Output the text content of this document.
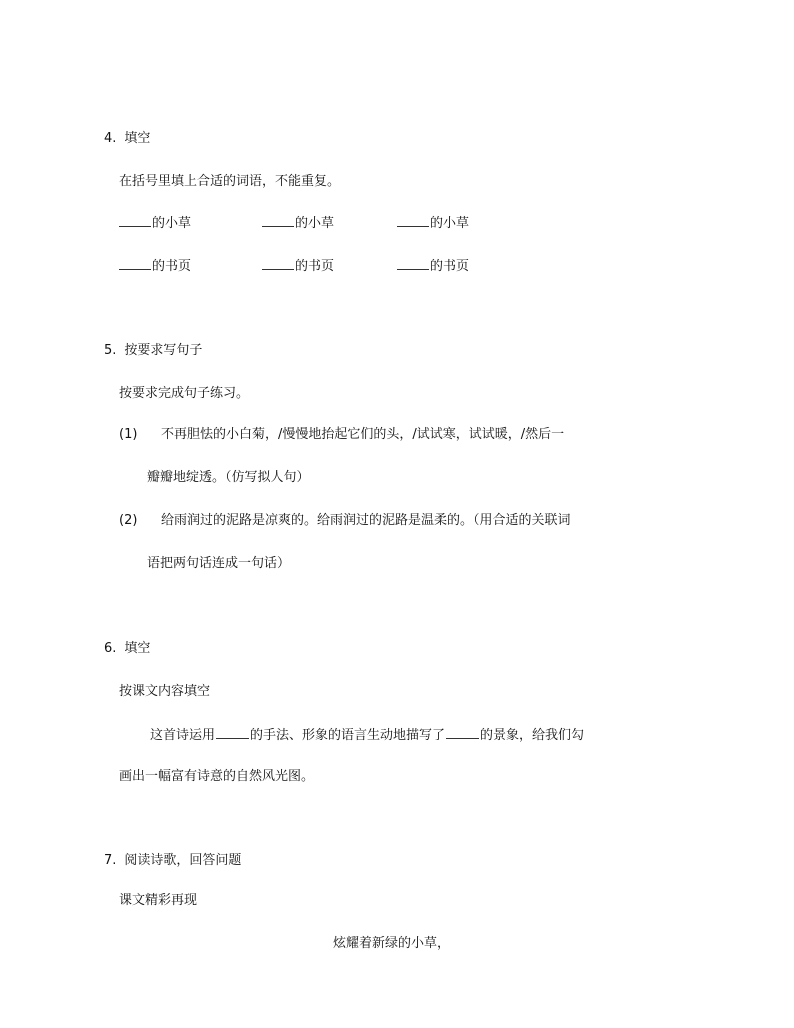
4. 填空
在括号里填上合适的词语，不能重复。
的小草	的小草	的小草
的书页	的书页	的书页
5. 按要求写句子
按要求完成句子练习。
(1) 不再胆怯的小白菊，/慢慢地抬起它们的头，/试试寒，试试暖，/然后一
瓣瓣地绽透。（仿写拟人句）
(2) 给雨润过的泥路是凉爽的。给雨润过的泥路是温柔的。（用合适的关联词
语把两句话连成一句话）
6. 填空
按课文内容填空
这首诗运用	的手法、形象的语言生动地描写了	的景象，给我们勾
画出一幅富有诗意的自然风光图。
7. 阅读诗歌，回答问题
课文精彩再现
炫耀着新绿的小草，
